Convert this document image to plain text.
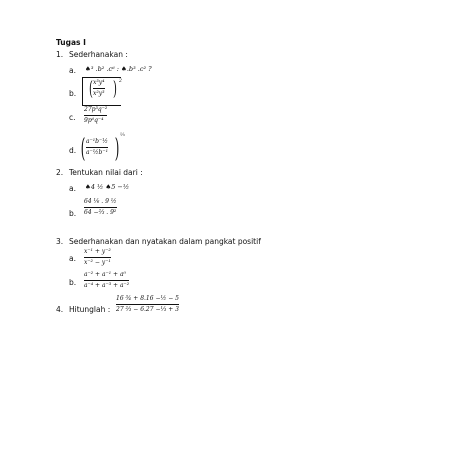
Tugas I
1. Sederhanakan :
a. ♠³ .b² .c⁶ : ♠.b³ .c² ?
b. ( x³y⁴
x²y³ ) 2
c.
27p³q⁻²
9p⁶q⁻⁴
d. ( a⁻¹b⁻½
a⁻½b⁻¹ ) ⅓
2. Tentukan nilai dari :
a. ♠4 ½ ♠5 −½
b.
64 ⅙ . 9 ½
64 −⅔ . 9²
3. Sederhanakan dan nyatakan dalam pangkat positif
a.
x⁻¹ + y⁻²
x⁻² − y⁻¹
b.
a⁻² + a⁻¹ + a⁰
a⁻⁴ + a⁻³ + a⁻²
4. Hitunglah :
16 ¾ + 8.16 −½ − 5
27 ⅔ − 6.27 −⅓ + 3
